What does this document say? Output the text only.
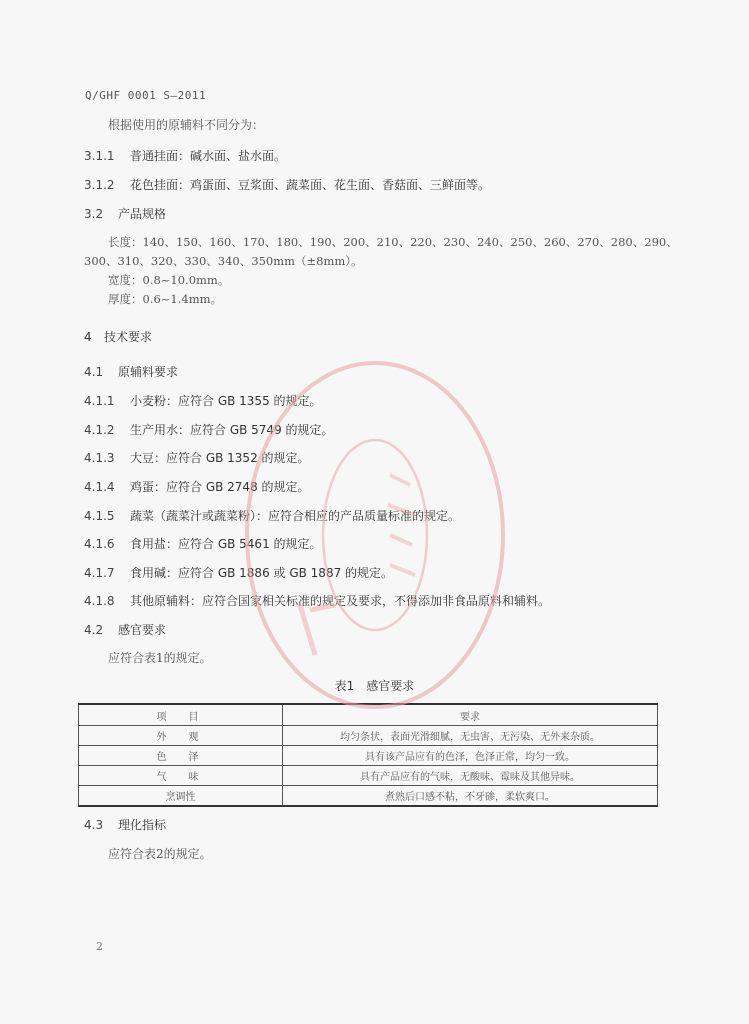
Q/GHF 0001 S—2011
根据使用的原辅料不同分为：
3.1.1 普通挂面：碱水面、盐水面。
3.1.2 花色挂面：鸡蛋面、豆浆面、蔬菜面、花生面、香菇面、三鲜面等。
3.2 产品规格
长度：140、150、160、170、180、190、200、210、220、230、240、250、260、270、280、290、
300、310、320、330、340、350mm（±8mm）。
宽度：0.8~10.0mm。
厚度：0.6~1.4mm。
4 技术要求
4.1 原辅料要求
4.1.1 小麦粉：应符合 GB 1355 的规定。
4.1.2 生产用水：应符合 GB 5749 的规定。
4.1.3 大豆：应符合 GB 1352 的规定。
4.1.4 鸡蛋：应符合 GB 2748 的规定。
4.1.5 蔬菜（蔬菜汁或蔬菜粉）：应符合相应的产品质量标准的规定。
4.1.6 食用盐：应符合 GB 5461 的规定。
4.1.7 食用碱：应符合 GB 1886 或 GB 1887 的规定。
4.1.8 其他原辅料：应符合国家相关标准的规定及要求，不得添加非食品原料和辅料。
4.2 感官要求
应符合表1的规定。
表1　感官要求
项　目	要求
外　观	均匀条状，表面光滑细腻，无虫害、无污染、无外来杂质。
色　泽	具有该产品应有的色泽，色泽正常，均匀一致。
气　味	具有产品应有的气味，无酸味、霉味及其他异味。
烹调性	煮熟后口感不粘，不牙碜，柔软爽口。
4.3 理化指标
应符合表2的规定。
2
